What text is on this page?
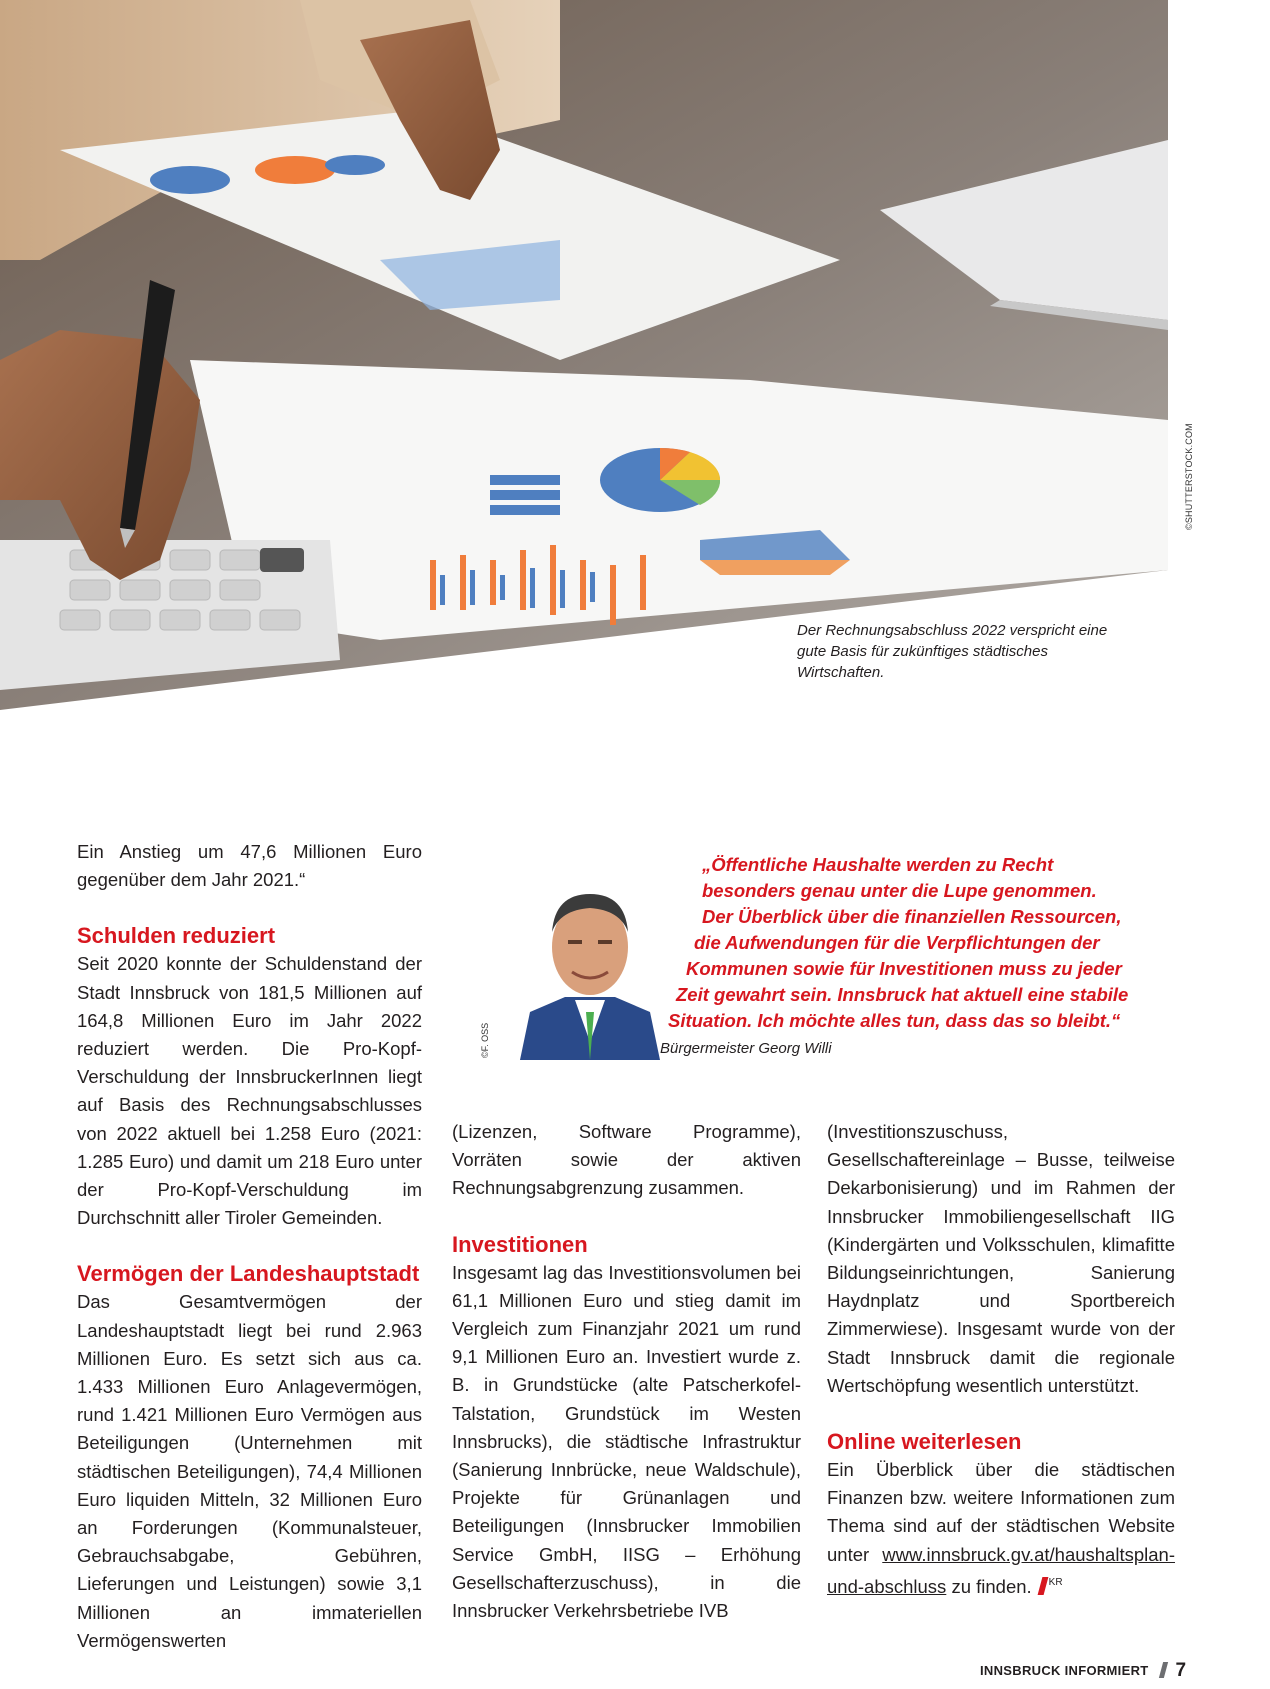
©SHUTTERSTOCK.COM
Der Rechnungsabschluss 2022 verspricht eine gute Basis für zukünftiges städtisches Wirtschaften.

Ein Anstieg um 47,6 Millionen Euro gegenüber dem Jahr 2021.“

Schulden reduziert

Seit 2020 konnte der Schuldenstand der Stadt Innsbruck von 181,5 Millionen auf 164,8 Millionen Euro im Jahr 2022 reduziert werden. Die Pro-Kopf-Verschuldung der InnsbruckerInnen liegt auf Basis des Rechnungsabschlusses von 2022 aktuell bei 1.258 Euro (2021: 1.285 Euro) und damit um 218 Euro unter der Pro-Kopf-Verschuldung im Durchschnitt aller Tiroler Gemeinden.

Vermögen der Landeshauptstadt

Das Gesamtvermögen der Landeshauptstadt liegt bei rund 2.963 Millionen Euro. Es setzt sich aus ca. 1.433 Millionen Euro Anlagevermögen, rund 1.421 Millionen Euro Vermögen aus Beteiligungen (Unternehmen mit städtischen Beteiligungen), 74,4 Millionen Euro liquiden Mitteln, 32 Millionen Euro an Forderungen (Kommunalsteuer, Gebrauchsabgabe, Gebühren, Lieferungen und Leistungen) sowie 3,1 Millionen an immateriellen Vermögenswerten

©F. OSS
„Öffentliche Haushalte werden zu Recht
besonders genau unter die Lupe genommen.
Der Überblick über die finanziellen Ressourcen,
die Aufwendungen für die Verpflichtungen der
Kommunen sowie für Investitionen muss zu jeder
Zeit gewahrt sein. Innsbruck hat aktuell eine stabile
Situation. Ich möchte alles tun, dass das so bleibt.“
Bürgermeister Georg Willi

(Lizenzen, Software Programme), Vorräten sowie der aktiven Rechnungsabgrenzung zusammen.

Investitionen

Insgesamt lag das Investitionsvolumen bei 61,1 Millionen Euro und stieg damit im Vergleich zum Finanzjahr 2021 um rund 9,1 Millionen Euro an. Investiert wurde z. B. in Grundstücke (alte Patscherkofel-Talstation, Grundstück im Westen Innsbrucks), die städtische Infrastruktur (Sanierung Innbrücke, neue Waldschule), Projekte für Grünanlagen und Beteiligungen (Innsbrucker Immobilien Service GmbH, IISG – Erhöhung Gesellschafterzuschuss), in die Innsbrucker Verkehrsbetriebe IVB

(Investitionszuschuss, Gesellschaftereinlage – Busse, teilweise Dekarbonisierung) und im Rahmen der Innsbrucker Immobiliengesellschaft IIG (Kindergärten und Volksschulen, klimafitte Bildungseinrichtungen, Sanierung Haydnplatz und Sportbereich Zimmerwiese). Insgesamt wurde von der Stadt Innsbruck damit die regionale Wertschöpfung wesentlich unterstützt.

Online weiterlesen

Ein Überblick über die städtischen Finanzen bzw. weitere Informationen zum Thema sind auf der städtischen Website unter www.innsbruck.gv.at/haushaltsplan-und-abschluss zu finden. $^{KR}$

INNSBRUCK INFORMIERT 7
